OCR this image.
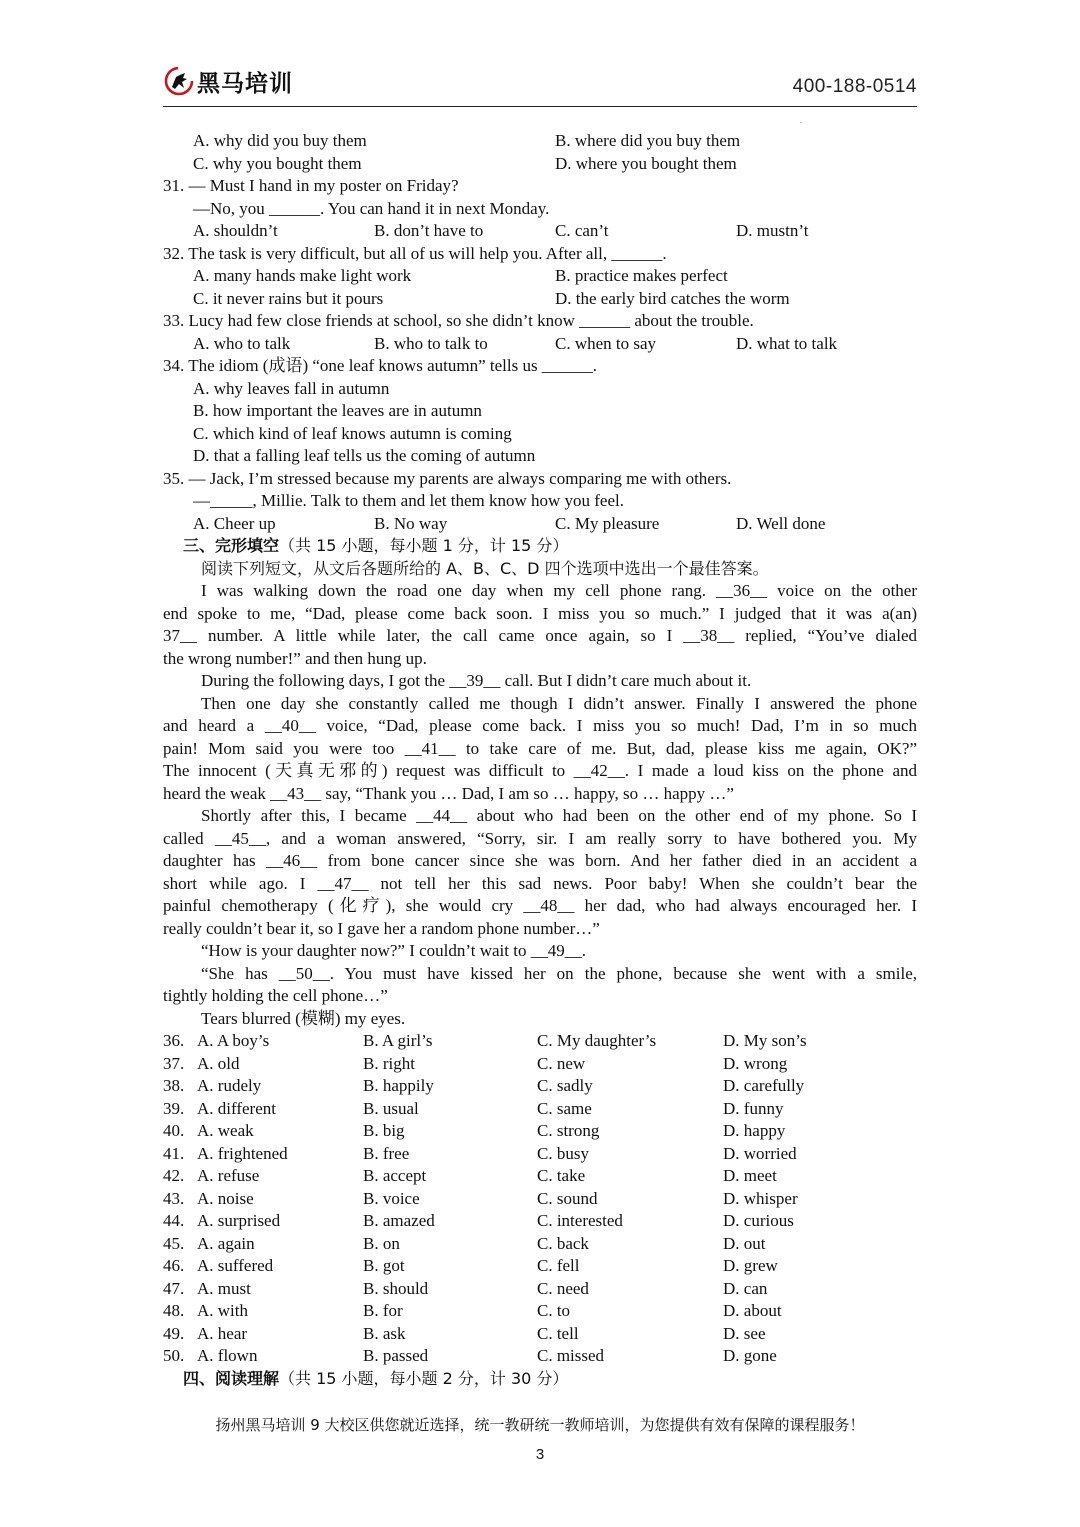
黑马培训	400-188-0514
.
A. why did you buy them	B. where did you buy them
C. why you bought them	D. where you bought them
31. — Must I hand in my poster on Friday?
—No, you ______. You can hand it in next Monday.
A. shouldn’t	B. don’t have to	C. can’t	D. mustn’t
32. The task is very difficult, but all of us will help you. After all, ______.
A. many hands make light work	B. practice makes perfect
C. it never rains but it pours	D. the early bird catches the worm
33. Lucy had few close friends at school, so she didn’t know ______ about the trouble.
A. who to talk	B. who to talk to	C. when to say	D. what to talk
34. The idiom (成语) “one leaf knows autumn” tells us ______.
A. why leaves fall in autumn
B. how important the leaves are in autumn
C. which kind of leaf knows autumn is coming
D. that a falling leaf tells us the coming of autumn
35. — Jack, I’m stressed because my parents are always comparing me with others.
—_____, Millie. Talk to them and let them know how you feel.
A. Cheer up	B. No way	C. My pleasure	D. Well done
三、完形填空（共 15 小题，每小题 1 分，计 15 分）
阅读下列短文，从文后各题所给的 A、B、C、D 四个选项中选出一个最佳答案。
I was walking down the road one day when my cell phone rang. __36__ voice on the other
end spoke to me, “Dad, please come back soon. I miss you so much.” I judged that it was a(an)
37__ number. A little while later, the call came once again, so I __38__ replied, “You’ve dialed
the wrong number!” and then hung up.
During the following days, I got the __39__ call. But I didn’t care much about it.
Then one day she constantly called me though I didn’t answer. Finally I answered the phone
and heard a __40__ voice, “Dad, please come back. I miss you so much! Dad, I’m in so much
pain! Mom said you were too __41__ to take care of me. But, dad, please kiss me again, OK?”
The innocent (天真无邪的) request was difficult to __42__. I made a loud kiss on the phone and
heard the weak __43__ say, “Thank you … Dad, I am so … happy, so … happy …”
Shortly after this, I became __44__ about who had been on the other end of my phone. So I
called __45__, and a woman answered, “Sorry, sir. I am really sorry to have bothered you. My
daughter has __46__ from bone cancer since she was born. And her father died in an accident a
short while ago. I __47__ not tell her this sad news. Poor baby! When she couldn’t bear the
painful chemotherapy (化疗), she would cry __48__ her dad, who had always encouraged her. I
really couldn’t bear it, so I gave her a random phone number…”
“How is your daughter now?” I couldn’t wait to __49__.
“She has __50__. You must have kissed her on the phone, because she went with a smile,
tightly holding the cell phone…”
Tears blurred (模糊) my eyes.
36. A. A boy’s	B. A girl’s	C. My daughter’s	D. My son’s
37. A. old	B. right	C. new	D. wrong
38. A. rudely	B. happily	C. sadly	D. carefully
39. A. different	B. usual	C. same	D. funny
40. A. weak	B. big	C. strong	D. happy
41. A. frightened	B. free	C. busy	D. worried
42. A. refuse	B. accept	C. take	D. meet
43. A. noise	B. voice	C. sound	D. whisper
44. A. surprised	B. amazed	C. interested	D. curious
45. A. again	B. on	C. back	D. out
46. A. suffered	B. got	C. fell	D. grew
47. A. must	B. should	C. need	D. can
48. A. with	B. for	C. to	D. about
49. A. hear	B. ask	C. tell	D. see
50. A. flown	B. passed	C. missed	D. gone
四、阅读理解（共 15 小题，每小题 2 分，计 30 分）
扬州黑马培训 9 大校区供您就近选择，统一教研统一教师培训，为您提供有效有保障的课程服务！
3
